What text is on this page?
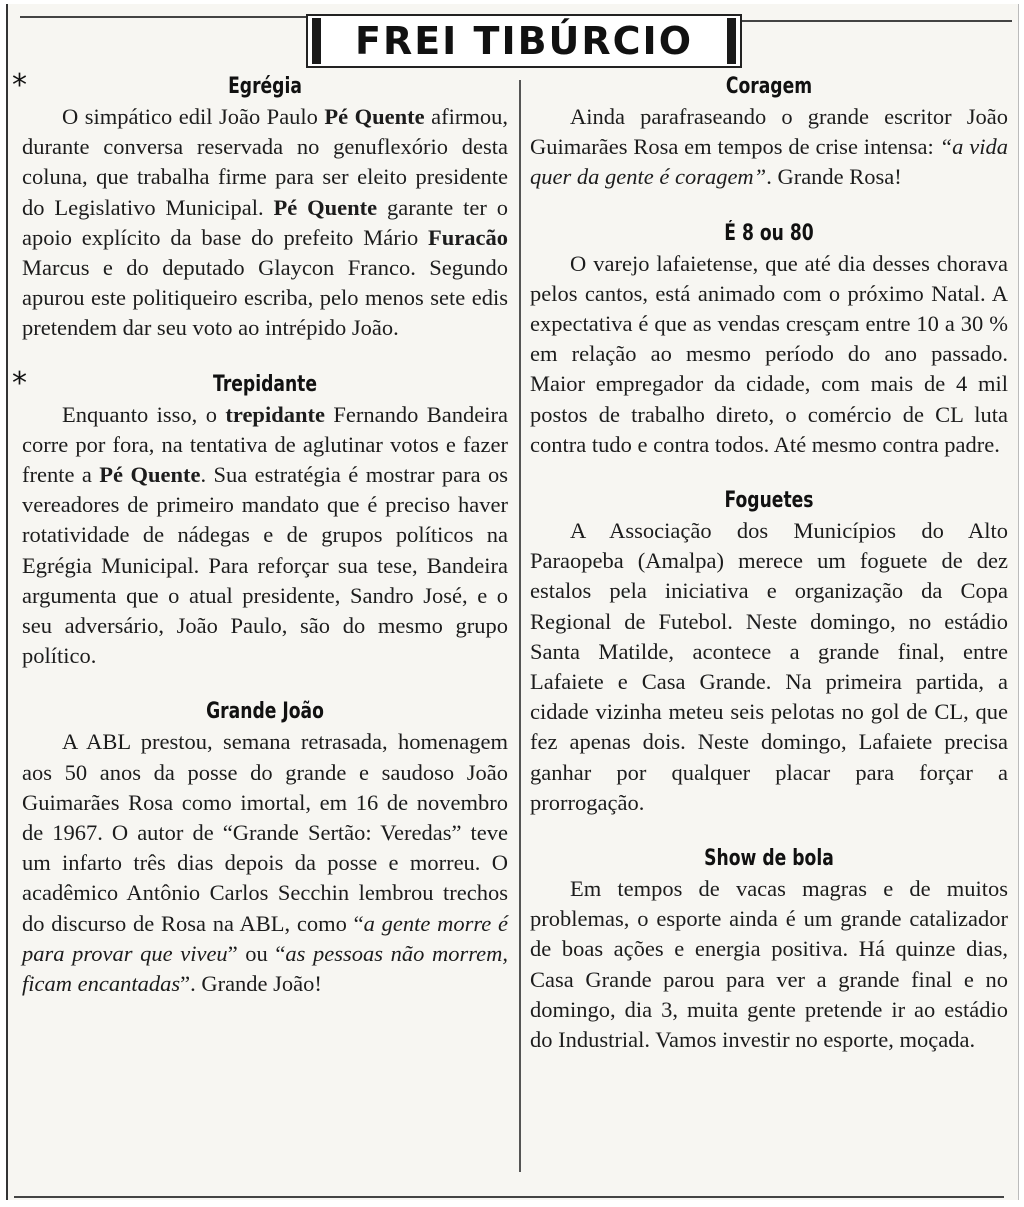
FREI TIBÚRCIO
*	Egrégia

O simpático edil João Paulo Pé Quente afirmou, durante conversa reservada no genuflexório desta coluna, que trabalha firme para ser eleito presidente do Legislativo Municipal. Pé Quente garante ter o apoio explícito da base do prefeito Mário Furacão Marcus e do deputado Glaycon Franco. Segundo apurou este politiqueiro escriba, pelo menos sete edis pretendem dar seu voto ao intrépido João.

*	Trepidante

Enquanto isso, o trepidante Fernando Bandeira corre por fora, na tentativa de aglutinar votos e fazer frente a Pé Quente. Sua estratégia é mostrar para os vereadores de primeiro mandato que é preciso haver rotatividade de nádegas e de grupos políticos na Egrégia Municipal. Para reforçar sua tese, Bandeira argumenta que o atual presidente, Sandro José, e o seu adversário, João Paulo, são do mesmo grupo político.

Grande João

A ABL prestou, semana retrasada, homenagem aos 50 anos da posse do grande e saudoso João Guimarães Rosa como imortal, em 16 de novembro de 1967. O autor de “Grande Sertão: Veredas” teve um infarto três dias depois da posse e morreu. O acadêmico Antônio Carlos Secchin lembrou trechos do discurso de Rosa na ABL, como “a gente morre é para provar que viveu” ou “as pessoas não morrem, ficam encantadas”. Grande João!

Coragem

Ainda parafraseando o grande escritor João Guimarães Rosa em tempos de crise intensa: “a vida quer da gente é coragem”. Grande Rosa!

É 8 ou 80

O varejo lafaietense, que até dia desses chorava pelos cantos, está animado com o próximo Natal. A expectativa é que as vendas cresçam entre 10 a 30 % em relação ao mesmo período do ano passado. Maior empregador da cidade, com mais de 4 mil postos de trabalho direto, o comércio de CL luta contra tudo e contra todos. Até mesmo contra padre.

Foguetes

A Associação dos Municípios do Alto Paraopeba (Amalpa) merece um foguete de dez estalos pela iniciativa e organização da Copa Regional de Futebol. Neste domingo, no estádio Santa Matilde, acontece a grande final, entre Lafaiete e Casa Grande. Na primeira partida, a cidade vizinha meteu seis pelotas no gol de CL, que fez apenas dois. Neste domingo, Lafaiete precisa ganhar por qualquer placar para forçar a prorrogação.

Show de bola

Em tempos de vacas magras e de muitos problemas, o esporte ainda é um grande catalizador de boas ações e energia positiva. Há quinze dias, Casa Grande parou para ver a grande final e no domingo, dia 3, muita gente pretende ir ao estádio do Industrial. Vamos investir no esporte, moçada.
